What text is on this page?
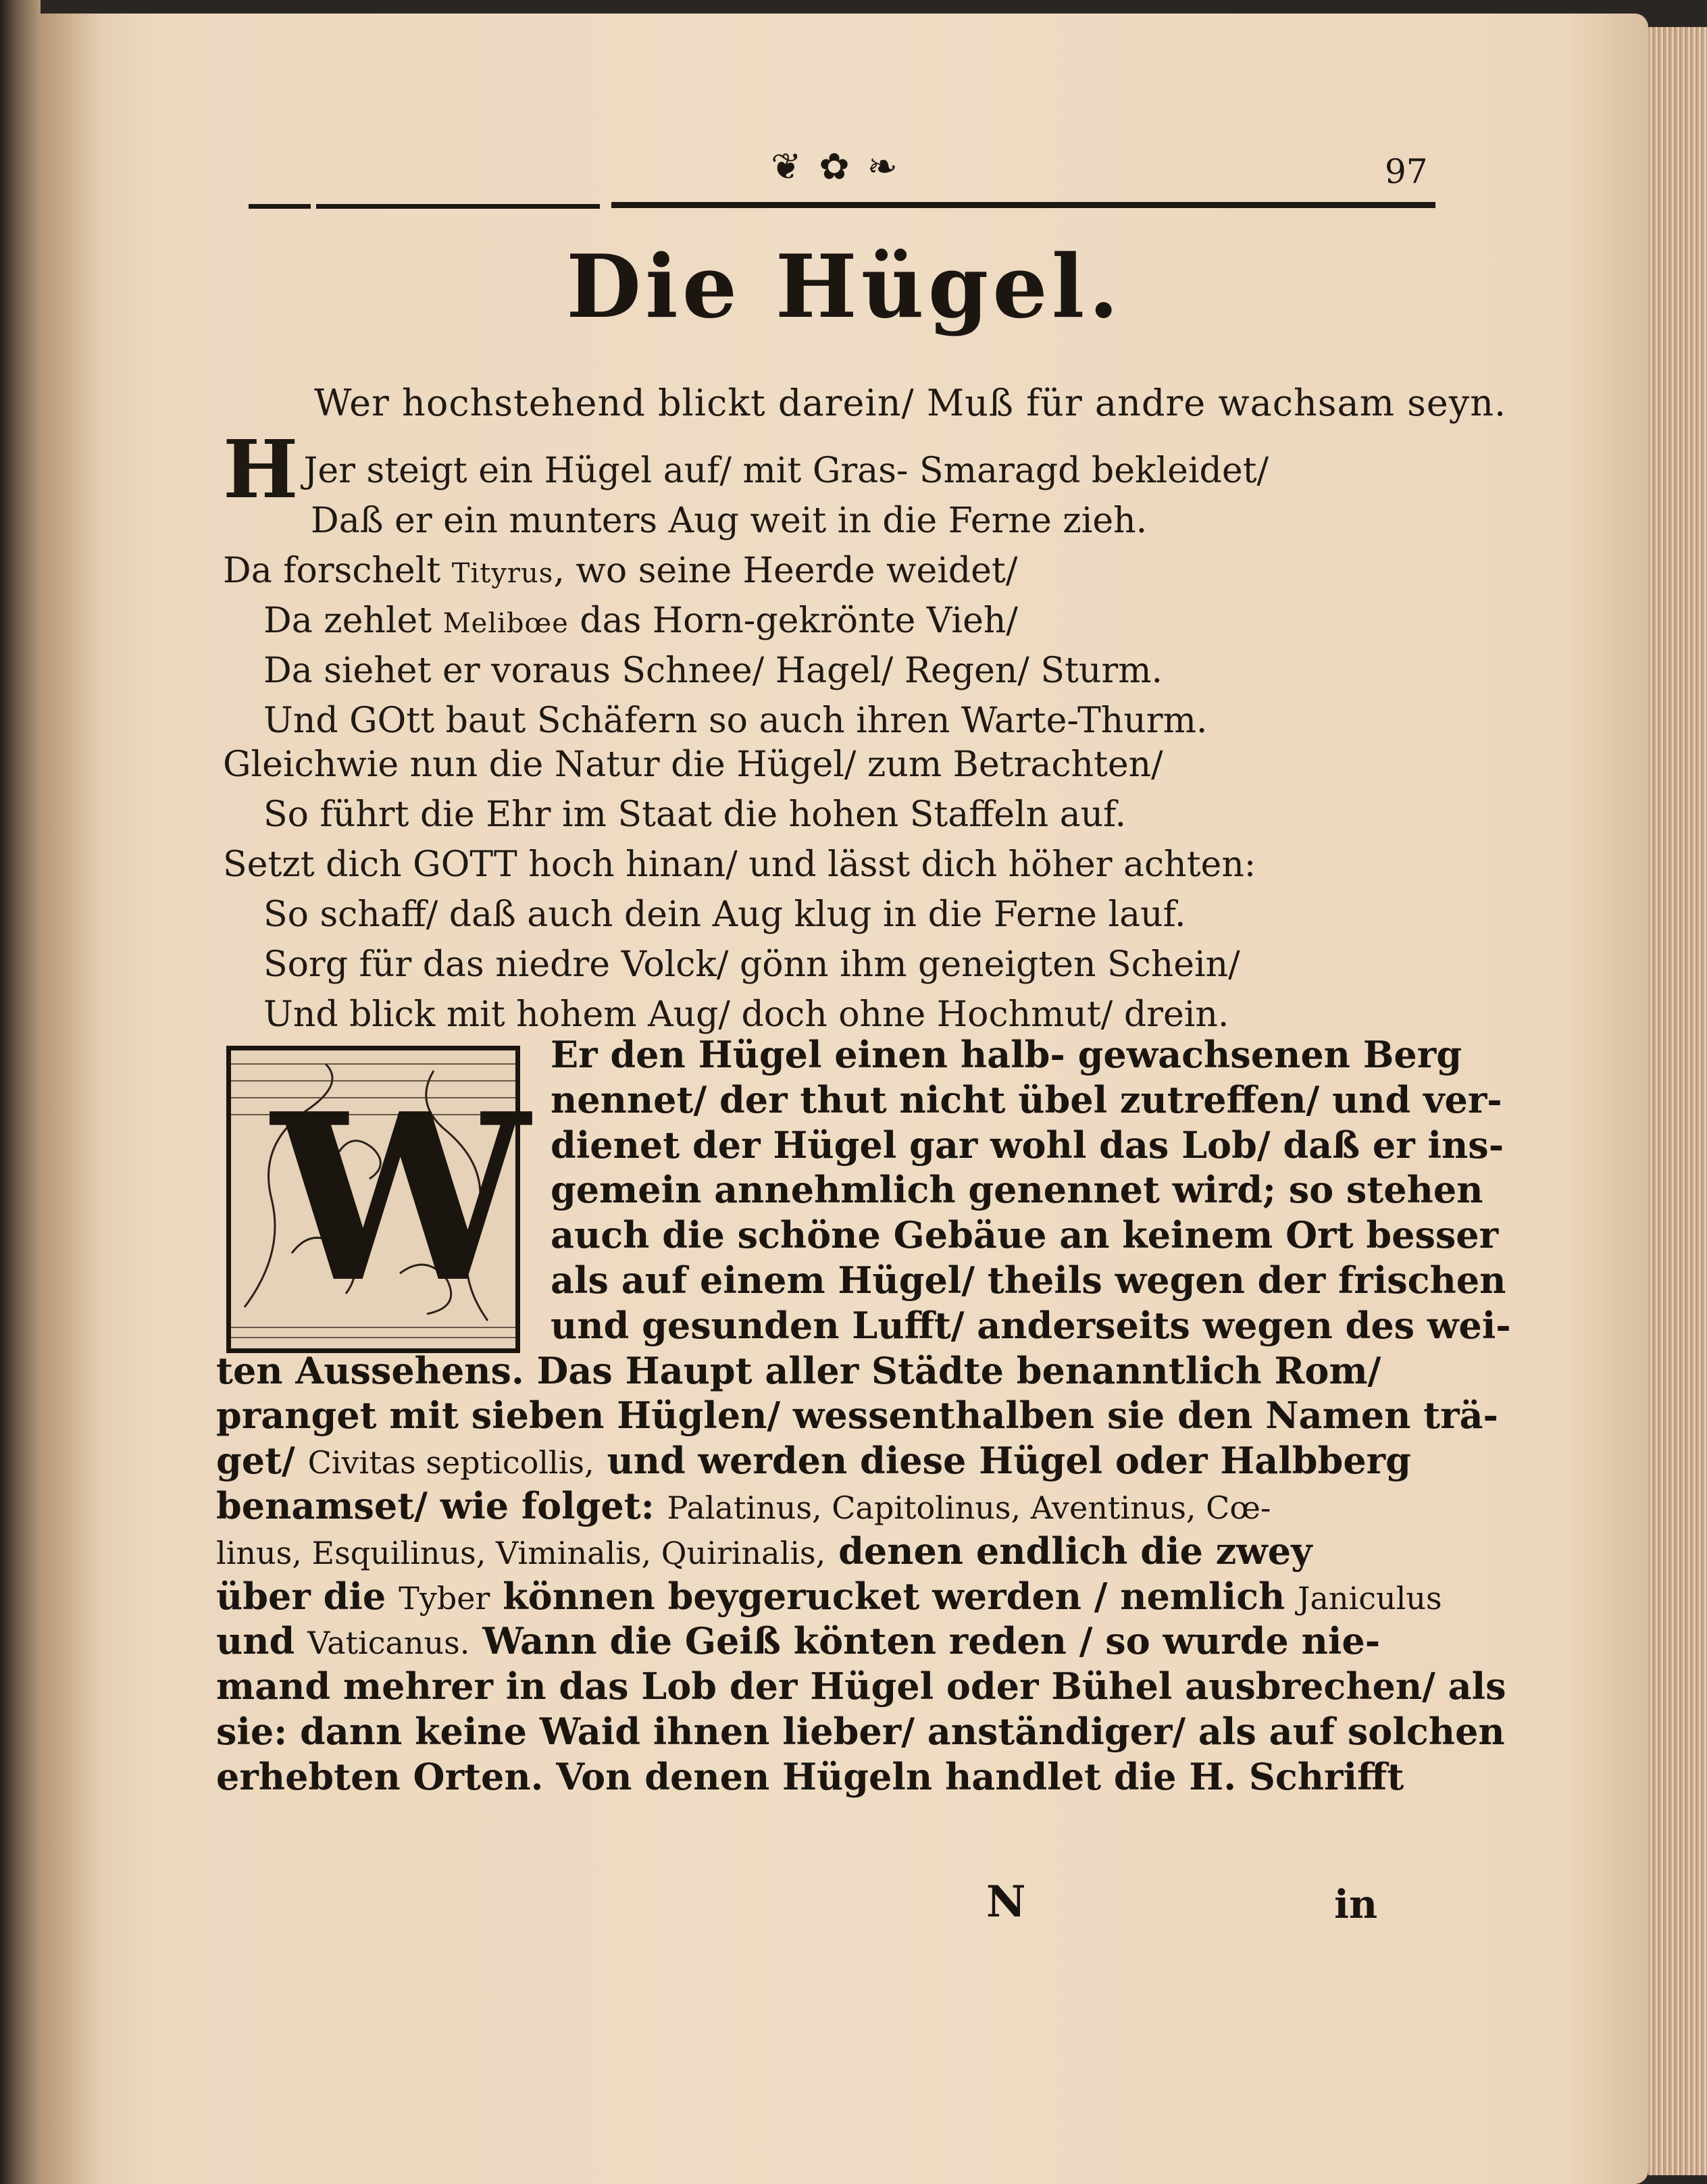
❦ ✿ ❧	97
Die Hügel.
Wer hochstehend blickt darein/ Muß für andre wachsam seyn.
H Jer steigt ein Hügel auf/ mit Gras- Smaragd bekleidet/
Daß er ein munters Aug weit in die Ferne zieh.
Da forschelt Tityrus, wo seine Heerde weidet/
Da zehlet Melibœe das Horn-gekrönte Vieh/
Da siehet er voraus Schnee/ Hagel/ Regen/ Sturm.
Und GOtt baut Schäfern so auch ihren Warte-Thurm.
Gleichwie nun die Natur die Hügel/ zum Betrachten/
So führt die Ehr im Staat die hohen Staffeln auf.
Setzt dich GOTT hoch hinan/ und lässt dich höher achten:
So schaff/ daß auch dein Aug klug in die Ferne lauf.
Sorg für das niedre Volck/ gönn ihm geneigten Schein/
Und blick mit hohem Aug/ doch ohne Hochmut/ drein.
W
Er den Hügel einen halb- gewachsenen Berg
nennet/ der thut nicht übel zutreffen/ und ver-
dienet der Hügel gar wohl das Lob/ daß er ins-
gemein annehmlich genennet wird; so stehen
auch die schöne Gebäue an keinem Ort besser
als auf einem Hügel/ theils wegen der frischen
und gesunden Lufft/ anderseits wegen des wei-
ten Aussehens. Das Haupt aller Städte benanntlich Rom/
pranget mit sieben Hüglen/ wessenthalben sie den Namen trä-
get/ Civitas septicollis, und werden diese Hügel oder Halbberg
benamset/ wie folget: Palatinus, Capitolinus, Aventinus, Cœ-
linus, Esquilinus, Viminalis, Quirinalis, denen endlich die zwey
über die Tyber können beygerucket werden / nemlich Janiculus
und Vaticanus. Wann die Geiß könten reden / so wurde nie-
mand mehrer in das Lob der Hügel oder Bühel ausbrechen/ als
sie: dann keine Waid ihnen lieber/ anständiger/ als auf solchen
erhebten Orten. Von denen Hügeln handlet die H. Schrifft
N	in
